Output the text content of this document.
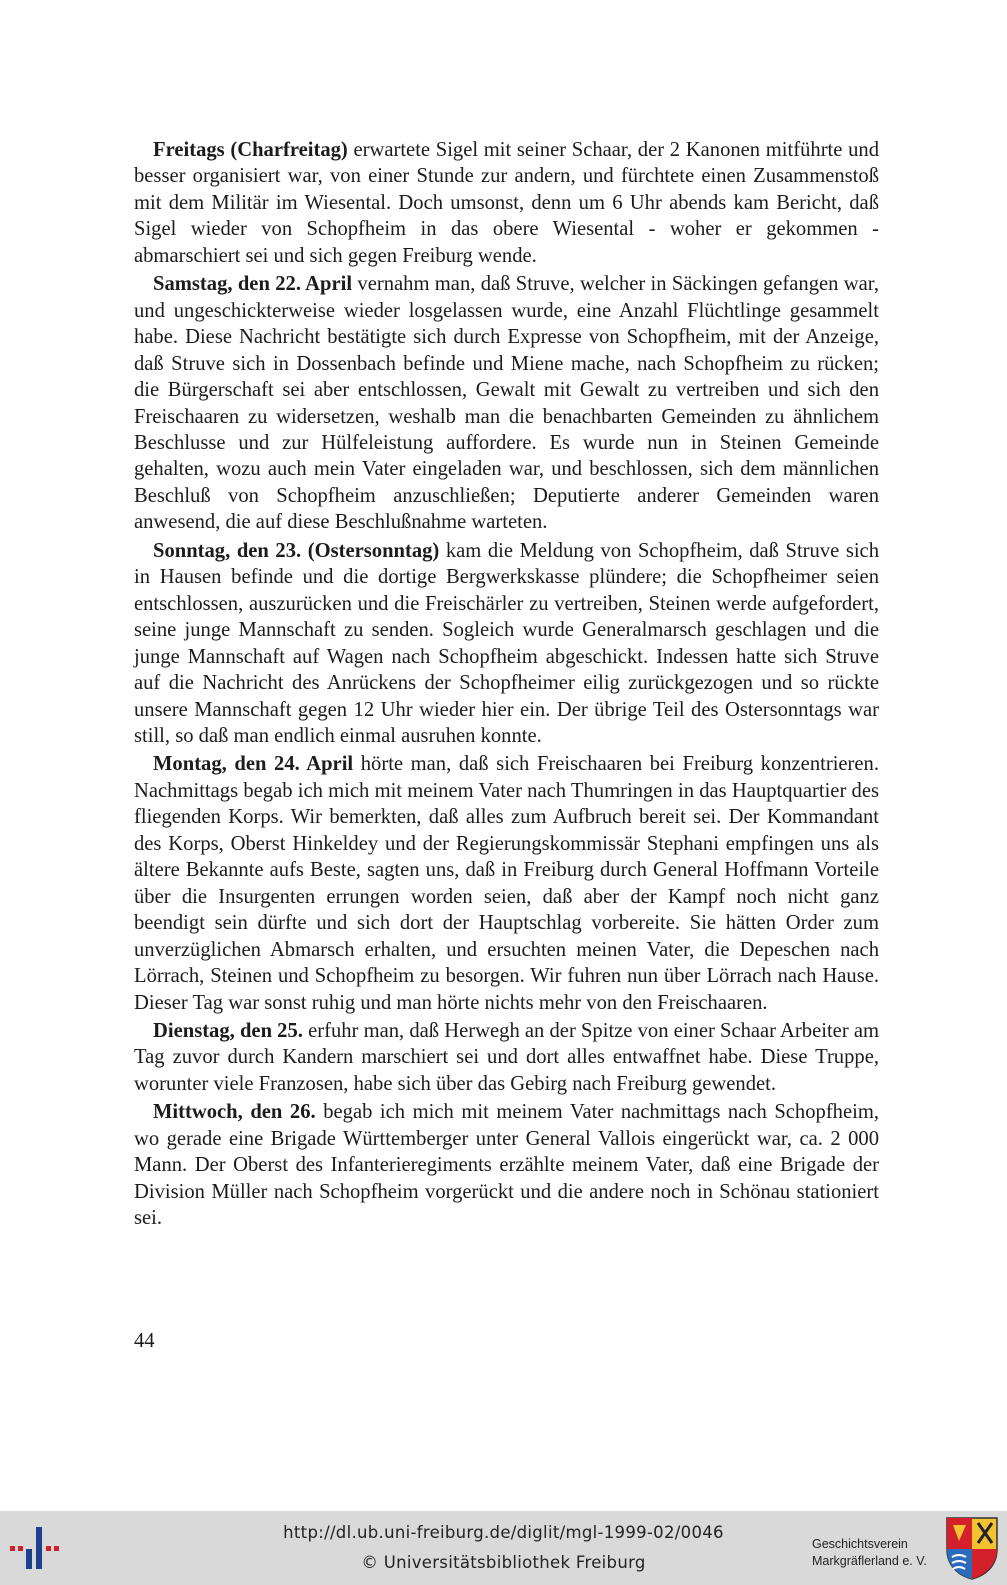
Freitags (Charfreitag) erwartete Sigel mit seiner Schaar, der 2 Kanonen mitführte und besser organisiert war, von einer Stunde zur andern, und fürchtete einen Zusammenstoß mit dem Militär im Wiesental. Doch umsonst, denn um 6 Uhr abends kam Bericht, daß Sigel wieder von Schopfheim in das obere Wiesental - woher er gekommen - abmarschiert sei und sich gegen Freiburg wende.

Samstag, den 22. April vernahm man, daß Struve, welcher in Säckingen gefangen war, und ungeschickterweise wieder losgelassen wurde, eine Anzahl Flüchtlinge gesammelt habe. Diese Nachricht bestätigte sich durch Expresse von Schopfheim, mit der Anzeige, daß Struve sich in Dossenbach befinde und Miene mache, nach Schopfheim zu rücken; die Bürgerschaft sei aber entschlossen, Gewalt mit Gewalt zu vertreiben und sich den Freischaaren zu widersetzen, weshalb man die benachbarten Gemeinden zu ähnlichem Beschlusse und zur Hülfeleistung auffordere. Es wurde nun in Steinen Gemeinde gehalten, wozu auch mein Vater eingeladen war, und beschlossen, sich dem männlichen Beschluß von Schopfheim anzuschließen; Deputierte anderer Gemeinden waren anwesend, die auf diese Beschlußnahme warteten.

Sonntag, den 23. (Ostersonntag) kam die Meldung von Schopfheim, daß Struve sich in Hausen befinde und die dortige Bergwerkskasse plündere; die Schopfheimer seien entschlossen, auszurücken und die Freischärler zu vertreiben, Steinen werde aufgefordert, seine junge Mannschaft zu senden. Sogleich wurde Generalmarsch geschlagen und die junge Mannschaft auf Wagen nach Schopfheim abgeschickt. Indessen hatte sich Struve auf die Nachricht des Anrückens der Schopfheimer eilig zurückgezogen und so rückte unsere Mannschaft gegen 12 Uhr wieder hier ein. Der übrige Teil des Ostersonntags war still, so daß man endlich einmal ausruhen konnte.

Montag, den 24. April hörte man, daß sich Freischaaren bei Freiburg konzentrieren. Nachmittags begab ich mich mit meinem Vater nach Thumringen in das Hauptquartier des fliegenden Korps. Wir bemerkten, daß alles zum Aufbruch bereit sei. Der Kommandant des Korps, Oberst Hinkeldey und der Regierungskommissär Stephani empfingen uns als ältere Bekannte aufs Beste, sagten uns, daß in Freiburg durch General Hoffmann Vorteile über die Insurgenten errungen worden seien, daß aber der Kampf noch nicht ganz beendigt sein dürfte und sich dort der Hauptschlag vorbereite. Sie hätten Order zum unverzüglichen Abmarsch erhalten, und ersuchten meinen Vater, die Depeschen nach Lörrach, Steinen und Schopfheim zu besorgen. Wir fuhren nun über Lörrach nach Hause. Dieser Tag war sonst ruhig und man hörte nichts mehr von den Freischaaren.

Dienstag, den 25. erfuhr man, daß Herwegh an der Spitze von einer Schaar Arbeiter am Tag zuvor durch Kandern marschiert sei und dort alles entwaffnet habe. Diese Truppe, worunter viele Franzosen, habe sich über das Gebirg nach Freiburg gewendet.

Mittwoch, den 26. begab ich mich mit meinem Vater nachmittags nach Schopfheim, wo gerade eine Brigade Württemberger unter General Vallois eingerückt war, ca. 2 000 Mann. Der Oberst des Infanterieregiments erzählte meinem Vater, daß eine Brigade der Division Müller nach Schopfheim vorgerückt und die andere noch in Schönau stationiert sei.

44
http://dl.ub.uni-freiburg.de/diglit/mgl-1999-02/0046
© Universitätsbibliothek Freiburg
Geschichtsverein
Markgräflerland e. V.
